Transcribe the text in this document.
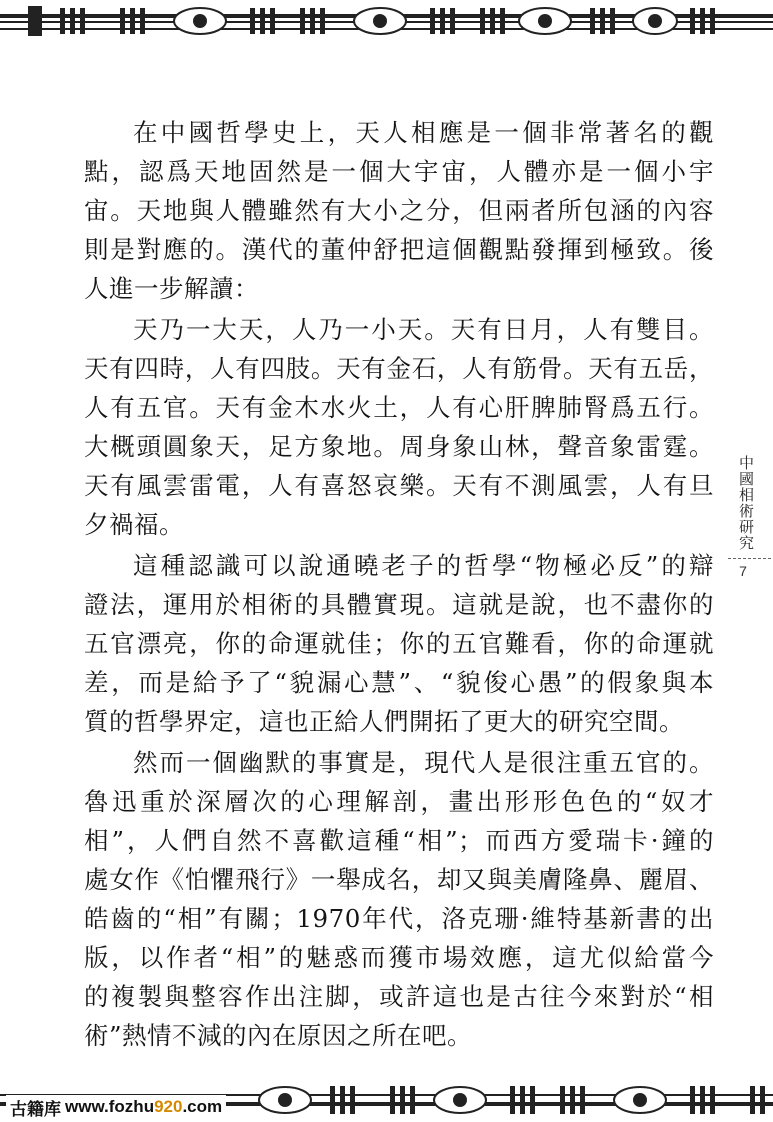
在中國哲學史上，天人相應是一個非常著名的觀
點，認爲天地固然是一個大宇宙，人體亦是一個小宇
宙。天地與人體雖然有大小之分，但兩者所包涵的內容
則是對應的。漢代的董仲舒把這個觀點發揮到極致。後
人進一步解讀：

天乃一大天，人乃一小天。天有日月，人有雙目。
天有四時，人有四肢。天有金石，人有筋骨。天有五岳，
人有五官。天有金木水火土，人有心肝脾肺腎爲五行。
大概頭圓象天，足方象地。周身象山林，聲音象雷霆。
天有風雲雷電，人有喜怒哀樂。天有不測風雲，人有旦
夕禍福。

這種認識可以說通曉老子的哲學“物極必反”的辯
證法，運用於相術的具體實現。這就是說，也不盡你的
五官漂亮，你的命運就佳；你的五官難看，你的命運就
差，而是給予了“貌漏心慧”、“貌俊心愚”的假象與本
質的哲學界定，這也正給人們開拓了更大的研究空間。

然而一個幽默的事實是，現代人是很注重五官的。
魯迅重於深層次的心理解剖，畫出形形色色的“奴才
相”，人們自然不喜歡這種“相”；而西方愛瑞卡·鐘的
處女作《怕懼飛行》一舉成名，却又與美膚隆鼻、麗眉、
皓齒的“相”有關；1970年代，洛克珊·維特基新書的出
版，以作者“相”的魅惑而獲市場效應，這尤似給當今
的複製與整容作出注脚，或許這也是古往今來對於“相
術”熱情不減的內在原因之所在吧。

中國相術研究
7
古籍库 www.fozhu920.com
